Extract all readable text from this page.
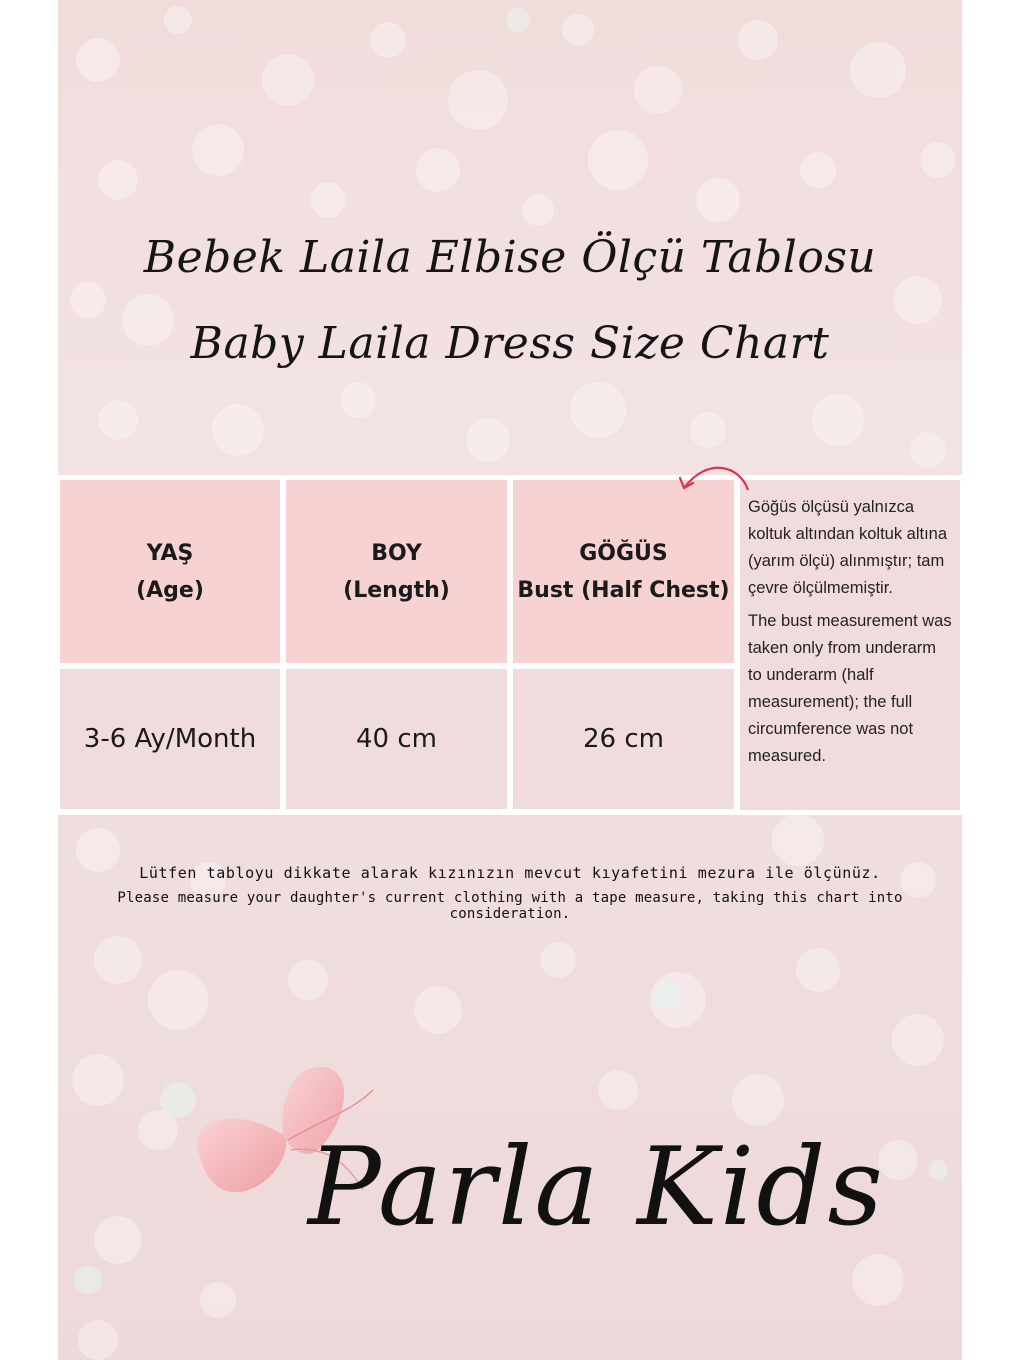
Bebek Laila Elbise Ölçü Tablosu
Baby Laila Dress Size Chart
YAŞ
(Age)
BOY
(Length)
GÖĞÜS
Bust (Half Chest)
3-6 Ay/Month	40 cm	26 cm

Göğüs ölçüsü yalnızca koltuk altından koltuk altına (yarım ölçü) alınmıştır; tam çevre ölçülmemiştir.

The bust measurement was taken only from underarm to underarm (half measurement); the full circumference was not measured.

Lütfen tabloyu dikkate alarak kızınızın mevcut kıyafetini mezura ile ölçünüz.
Please measure your daughter's current clothing with a tape measure, taking this chart into consideration.
Parla Kids
